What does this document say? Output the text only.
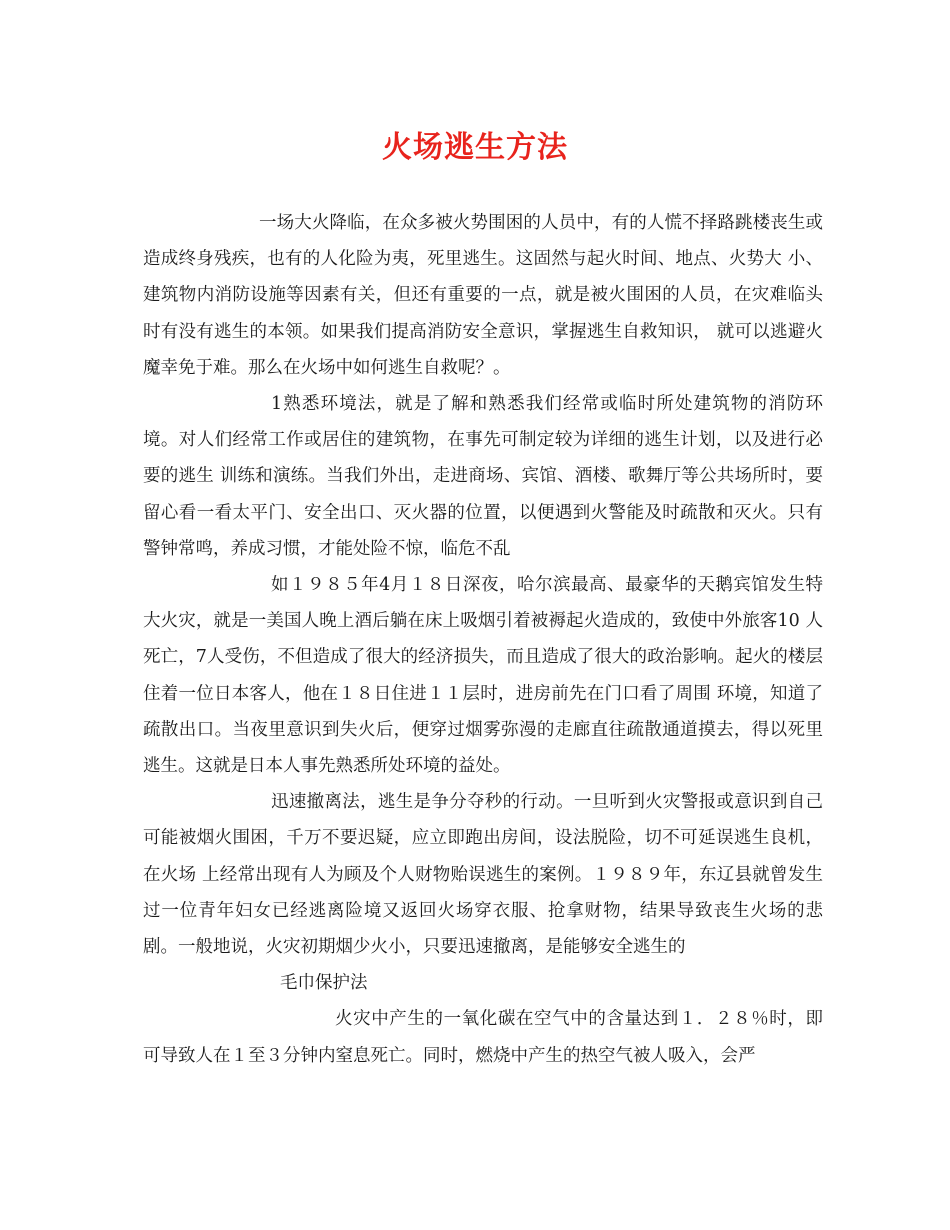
火场逃生方法

一场大火降临，在众多被火势围困的人员中，有的人慌不择路跳楼丧生或造成终身残疾，也有的人化险为夷，死里逃生。这固然与起火时间、地点、火势大 小、建筑物内消防设施等因素有关，但还有重要的一点，就是被火围困的人员，在灾难临头时有没有逃生的本领。如果我们提高消防安全意识，掌握逃生自救知识， 就可以逃避火魔幸免于难。那么在火场中如何逃生自救呢？。

1熟悉环境法，就是了解和熟悉我们经常或临时所处建筑物的消防环境。对人们经常工作或居住的建筑物，在事先可制定较为详细的逃生计划，以及进行必要的逃生 训练和演练。当我们外出，走进商场、宾馆、酒楼、歌舞厅等公共场所时，要留心看一看太平门、安全出口、灭火器的位置，以便遇到火警能及时疏散和灭火。只有 警钟常鸣，养成习惯，才能处险不惊，临危不乱

如１９８５年4月１８日深夜，哈尔滨最高、最豪华的天鹅宾馆发生特大火灾，就是一美国人晚上酒后躺在床上吸烟引着被褥起火造成的，致使中外旅客10 人死亡，7人受伤，不但造成了很大的经济损失，而且造成了很大的政治影响。起火的楼层住着一位日本客人，他在１８日住进１１层时，进房前先在门口看了周围 环境，知道了疏散出口。当夜里意识到失火后，便穿过烟雾弥漫的走廊直往疏散通道摸去，得以死里逃生。这就是日本人事先熟悉所处环境的益处。

迅速撤离法，逃生是争分夺秒的行动。一旦听到火灾警报或意识到自己可能被烟火围困，千万不要迟疑，应立即跑出房间，设法脱险，切不可延误逃生良机，在火场 上经常出现有人为顾及个人财物贻误逃生的案例。１９８９年，东辽县就曾发生过一位青年妇女已经逃离险境又返回火场穿衣服、抢拿财物，结果导致丧生火场的悲 剧。一般地说，火灾初期烟少火小，只要迅速撤离，是能够安全逃生的

毛巾保护法

火灾中产生的一氧化碳在空气中的含量达到１．２８％时，即可导致人在１至３分钟内窒息死亡。同时，燃烧中产生的热空气被人吸入，会严
